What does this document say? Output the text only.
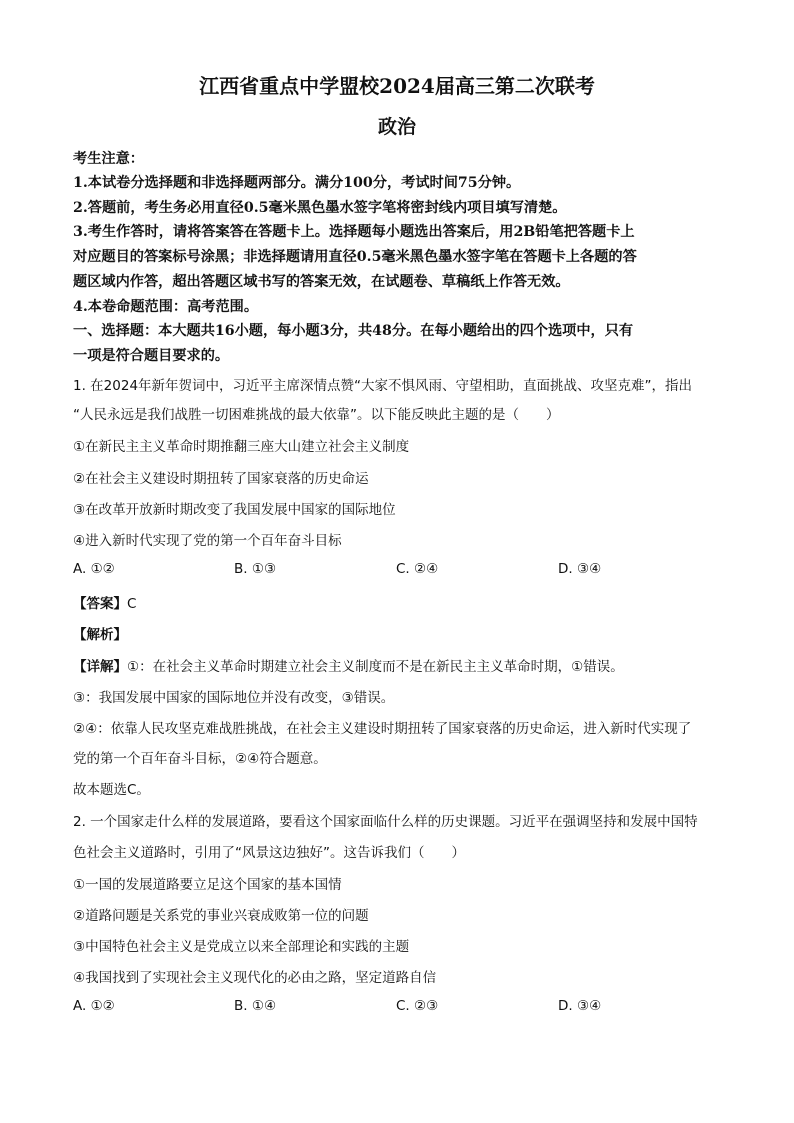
江西省重点中学盟校2024届高三第二次联考
政治
考生注意：
1.本试卷分选择题和非选择题两部分。满分100分，考试时间75分钟。
2.答题前，考生务必用直径0.5毫米黑色墨水签字笔将密封线内项目填写清楚。
3.考生作答时，请将答案答在答题卡上。选择题每小题选出答案后，用2B铅笔把答题卡上
对应题目的答案标号涂黑；非选择题请用直径0.5毫米黑色墨水签字笔在答题卡上各题的答
题区域内作答，超出答题区域书写的答案无效，在试题卷、草稿纸上作答无效。
4.本卷命题范围：高考范围。
一、选择题：本大题共16小题，每小题3分，共48分。在每小题给出的四个选项中，只有
一项是符合题目要求的。
1. 在2024年新年贺词中，习近平主席深情点赞“大家不惧风雨、守望相助，直面挑战、攻坚克难”，指出
“人民永远是我们战胜一切困难挑战的最大依靠”。以下能反映此主题的是（　　）
①在新民主主义革命时期推翻三座大山建立社会主义制度
②在社会主义建设时期扭转了国家衰落的历史命运
③在改革开放新时期改变了我国发展中国家的国际地位
④进入新时代实现了党的第一个百年奋斗目标
A. ①②	B. ①③	C. ②④	D. ③④
【答案】C
【解析】
【详解】①：在社会主义革命时期建立社会主义制度而不是在新民主主义革命时期，①错误。
③：我国发展中国家的国际地位并没有改变，③错误。
②④：依靠人民攻坚克难战胜挑战，在社会主义建设时期扭转了国家衰落的历史命运，进入新时代实现了
党的第一个百年奋斗目标，②④符合题意。
故本题选C。
2. 一个国家走什么样的发展道路，要看这个国家面临什么样的历史课题。习近平在强调坚持和发展中国特
色社会主义道路时，引用了“风景这边独好”。这告诉我们（　　）
①一国的发展道路要立足这个国家的基本国情
②道路问题是关系党的事业兴衰成败第一位的问题
③中国特色社会主义是党成立以来全部理论和实践的主题
④我国找到了实现社会主义现代化的必由之路，坚定道路自信
A. ①②	B. ①④	C. ②③	D. ③④
